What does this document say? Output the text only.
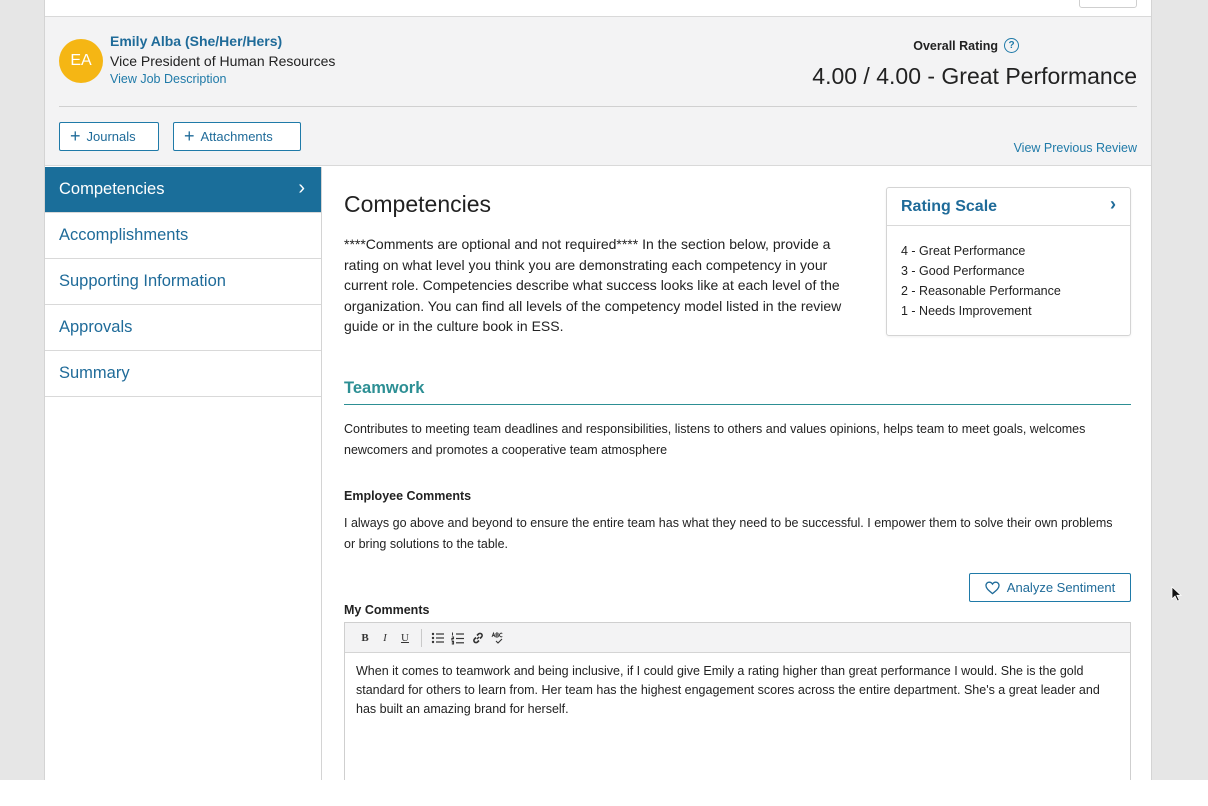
EA
Emily Alba (She/Her/Hers)
Vice President of Human Resources
View Job Description
Overall Rating	?
4.00 / 4.00 - Great Performance
+ Journals	+ Attachments
View Previous Review
Competencies	›
Accomplishments
Supporting Information
Approvals
Summary
Competencies
****Comments are optional and not required**** In the section below, provide a rating on what level you think you are demonstrating each competency in your current role. Competencies describe what success looks like at each level of the organization. You can find all levels of the competency model listed in the review guide or in the culture book in ESS.
Rating Scale	›
4 - Great Performance
3 - Good Performance
2 - Reasonable Performance
1 - Needs Improvement
Teamwork
Contributes to meeting team deadlines and responsibilities, listens to others and values opinions, helps team to meet goals, welcomes newcomers and promotes a cooperative team atmosphere
Employee Comments
I always go above and beyond to ensure the entire team has what they need to be successful. I empower them to solve their own problems or bring solutions to the table.
Analyze Sentiment
My Comments
B	I	U
When it comes to teamwork and being inclusive, if I could give Emily a rating higher than great performance I would. She is the gold standard for others to learn from. Her team has the highest engagement scores across the entire department. She's a great leader and has built an amazing brand for herself.
